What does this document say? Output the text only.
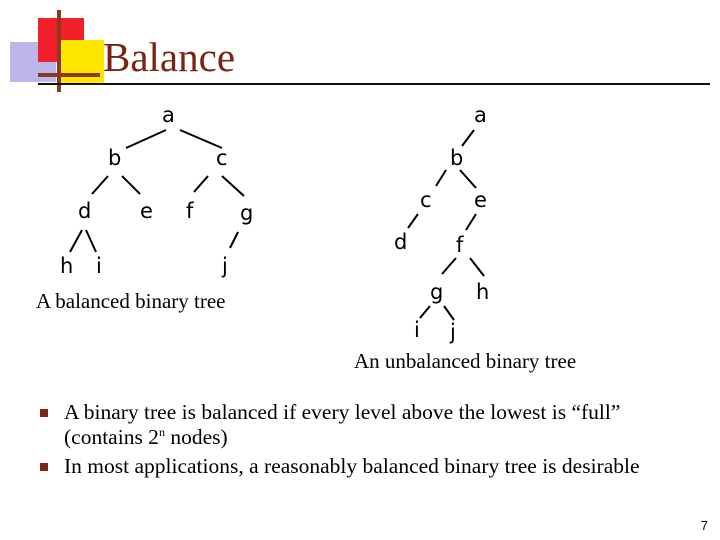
Balance
a
b	c
d e f g
h i	j
A balanced binary tree
a
b
c e
d f
g h
i j
An unbalanced binary tree
A binary tree is balanced if every level above the lowest is “full” (contains 2$^n$ nodes)
In most applications, a reasonably balanced binary tree is desirable
7
